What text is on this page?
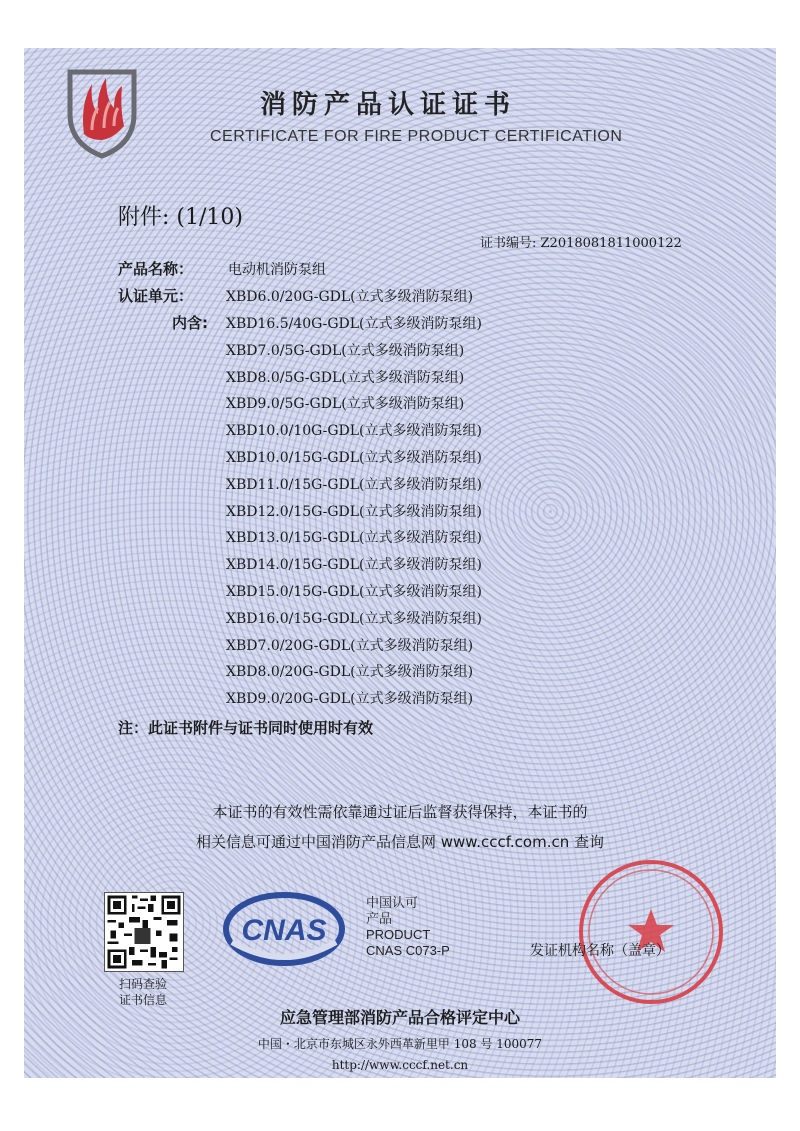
消防产品认证证书
CERTIFICATE FOR FIRE PRODUCT CERTIFICATION
附件: (1/10)
证书编号: Z2018081811000122
产品名称： 电动机消防泵组
认证单元： XBD6.0/20G-GDL(立式多级消防泵组)
内含: XBD16.5/40G-GDL(立式多级消防泵组)
XBD7.0/5G-GDL(立式多级消防泵组)
XBD8.0/5G-GDL(立式多级消防泵组)
XBD9.0/5G-GDL(立式多级消防泵组)
XBD10.0/10G-GDL(立式多级消防泵组)
XBD10.0/15G-GDL(立式多级消防泵组)
XBD11.0/15G-GDL(立式多级消防泵组)
XBD12.0/15G-GDL(立式多级消防泵组)
XBD13.0/15G-GDL(立式多级消防泵组)
XBD14.0/15G-GDL(立式多级消防泵组)
XBD15.0/15G-GDL(立式多级消防泵组)
XBD16.0/15G-GDL(立式多级消防泵组)
XBD7.0/20G-GDL(立式多级消防泵组)
XBD8.0/20G-GDL(立式多级消防泵组)
XBD9.0/20G-GDL(立式多级消防泵组)
注：此证书附件与证书同时使用时有效
本证书的有效性需依靠通过证后监督获得保持，本证书的
相关信息可通过中国消防产品信息网 www.cccf.com.cn 查询
扫码查验
证书信息
CNAS
中国认可
产品
PRODUCT
CNAS C073-P	发证机构名称（盖章）
应急管理部消防产品合格评定中心
中国・北京市东城区永外西革新里甲 108 号 100077
http://www.cccf.net.cn
